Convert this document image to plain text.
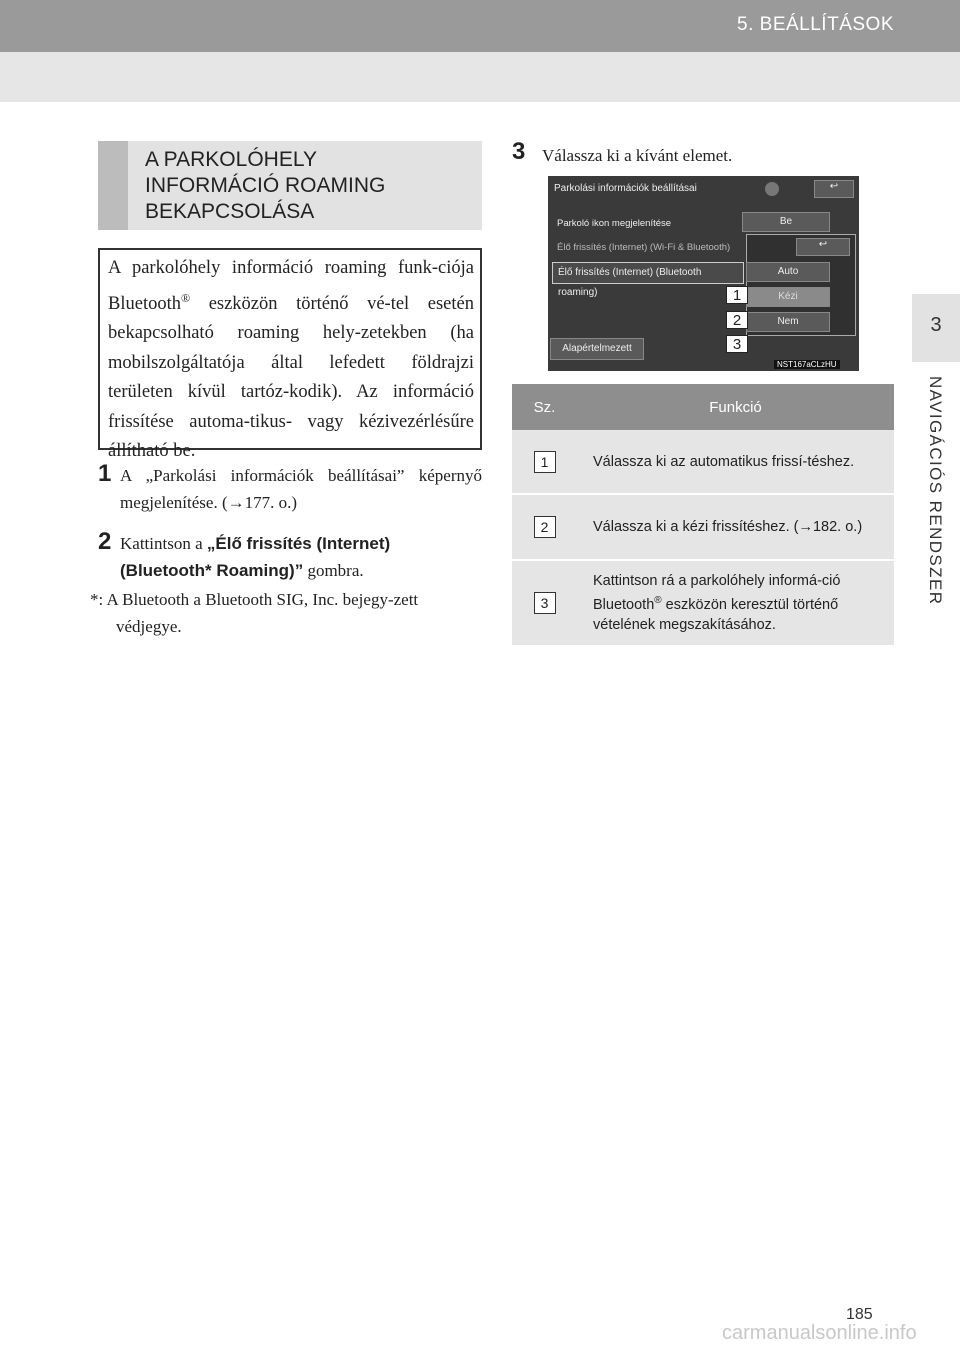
5. BEÁLLÍTÁSOK
3
NAVIGÁCIÓS RENDSZER
A PARKOLÓHELY
INFORMÁCIÓ ROAMING
BEKAPCSOLÁSA
A parkolóhely információ roaming funk-ciója Bluetooth® eszközön történő vé-tel esetén bekapcsolható roaming hely-zetekben (ha mobilszolgáltatója által lefedett földrajzi területen kívül tartóz-kodik). Az információ frissítése automa-tikus- vagy kézivezérlésűre állítható be.
1 A „Parkolási információk beállításai” képernyő megjelenítése. (→177. o.)
2 Kattintson a „Élő frissítés (Internet) (Bluetooth* Roaming)” gombra.
*: A Bluetooth a Bluetooth SIG, Inc. bejegy-zett védjegye.
3 Válassza ki a kívánt elemet.
Parkolási információk beállításai	↩
Parkoló ikon megjelenítése	Be
Élő frissítés (Internet) (Wi-Fi & Bluetooth)	↩
Élő frissítés (Internet) (Bluetooth roaming)
Auto
Kézi
Nem
Alapértelmezett
1
2
3
NST167aCLzHU
Sz.	Funkció
1	Válassza ki az automatikus frissí-téshez.
2	Válassza ki a kézi frissítéshez. (→182. o.)
3	Kattintson rá a parkolóhely informá-ció Bluetooth® eszközön keresztül történő vételének megszakításához.
185
carmanualsonline.info
